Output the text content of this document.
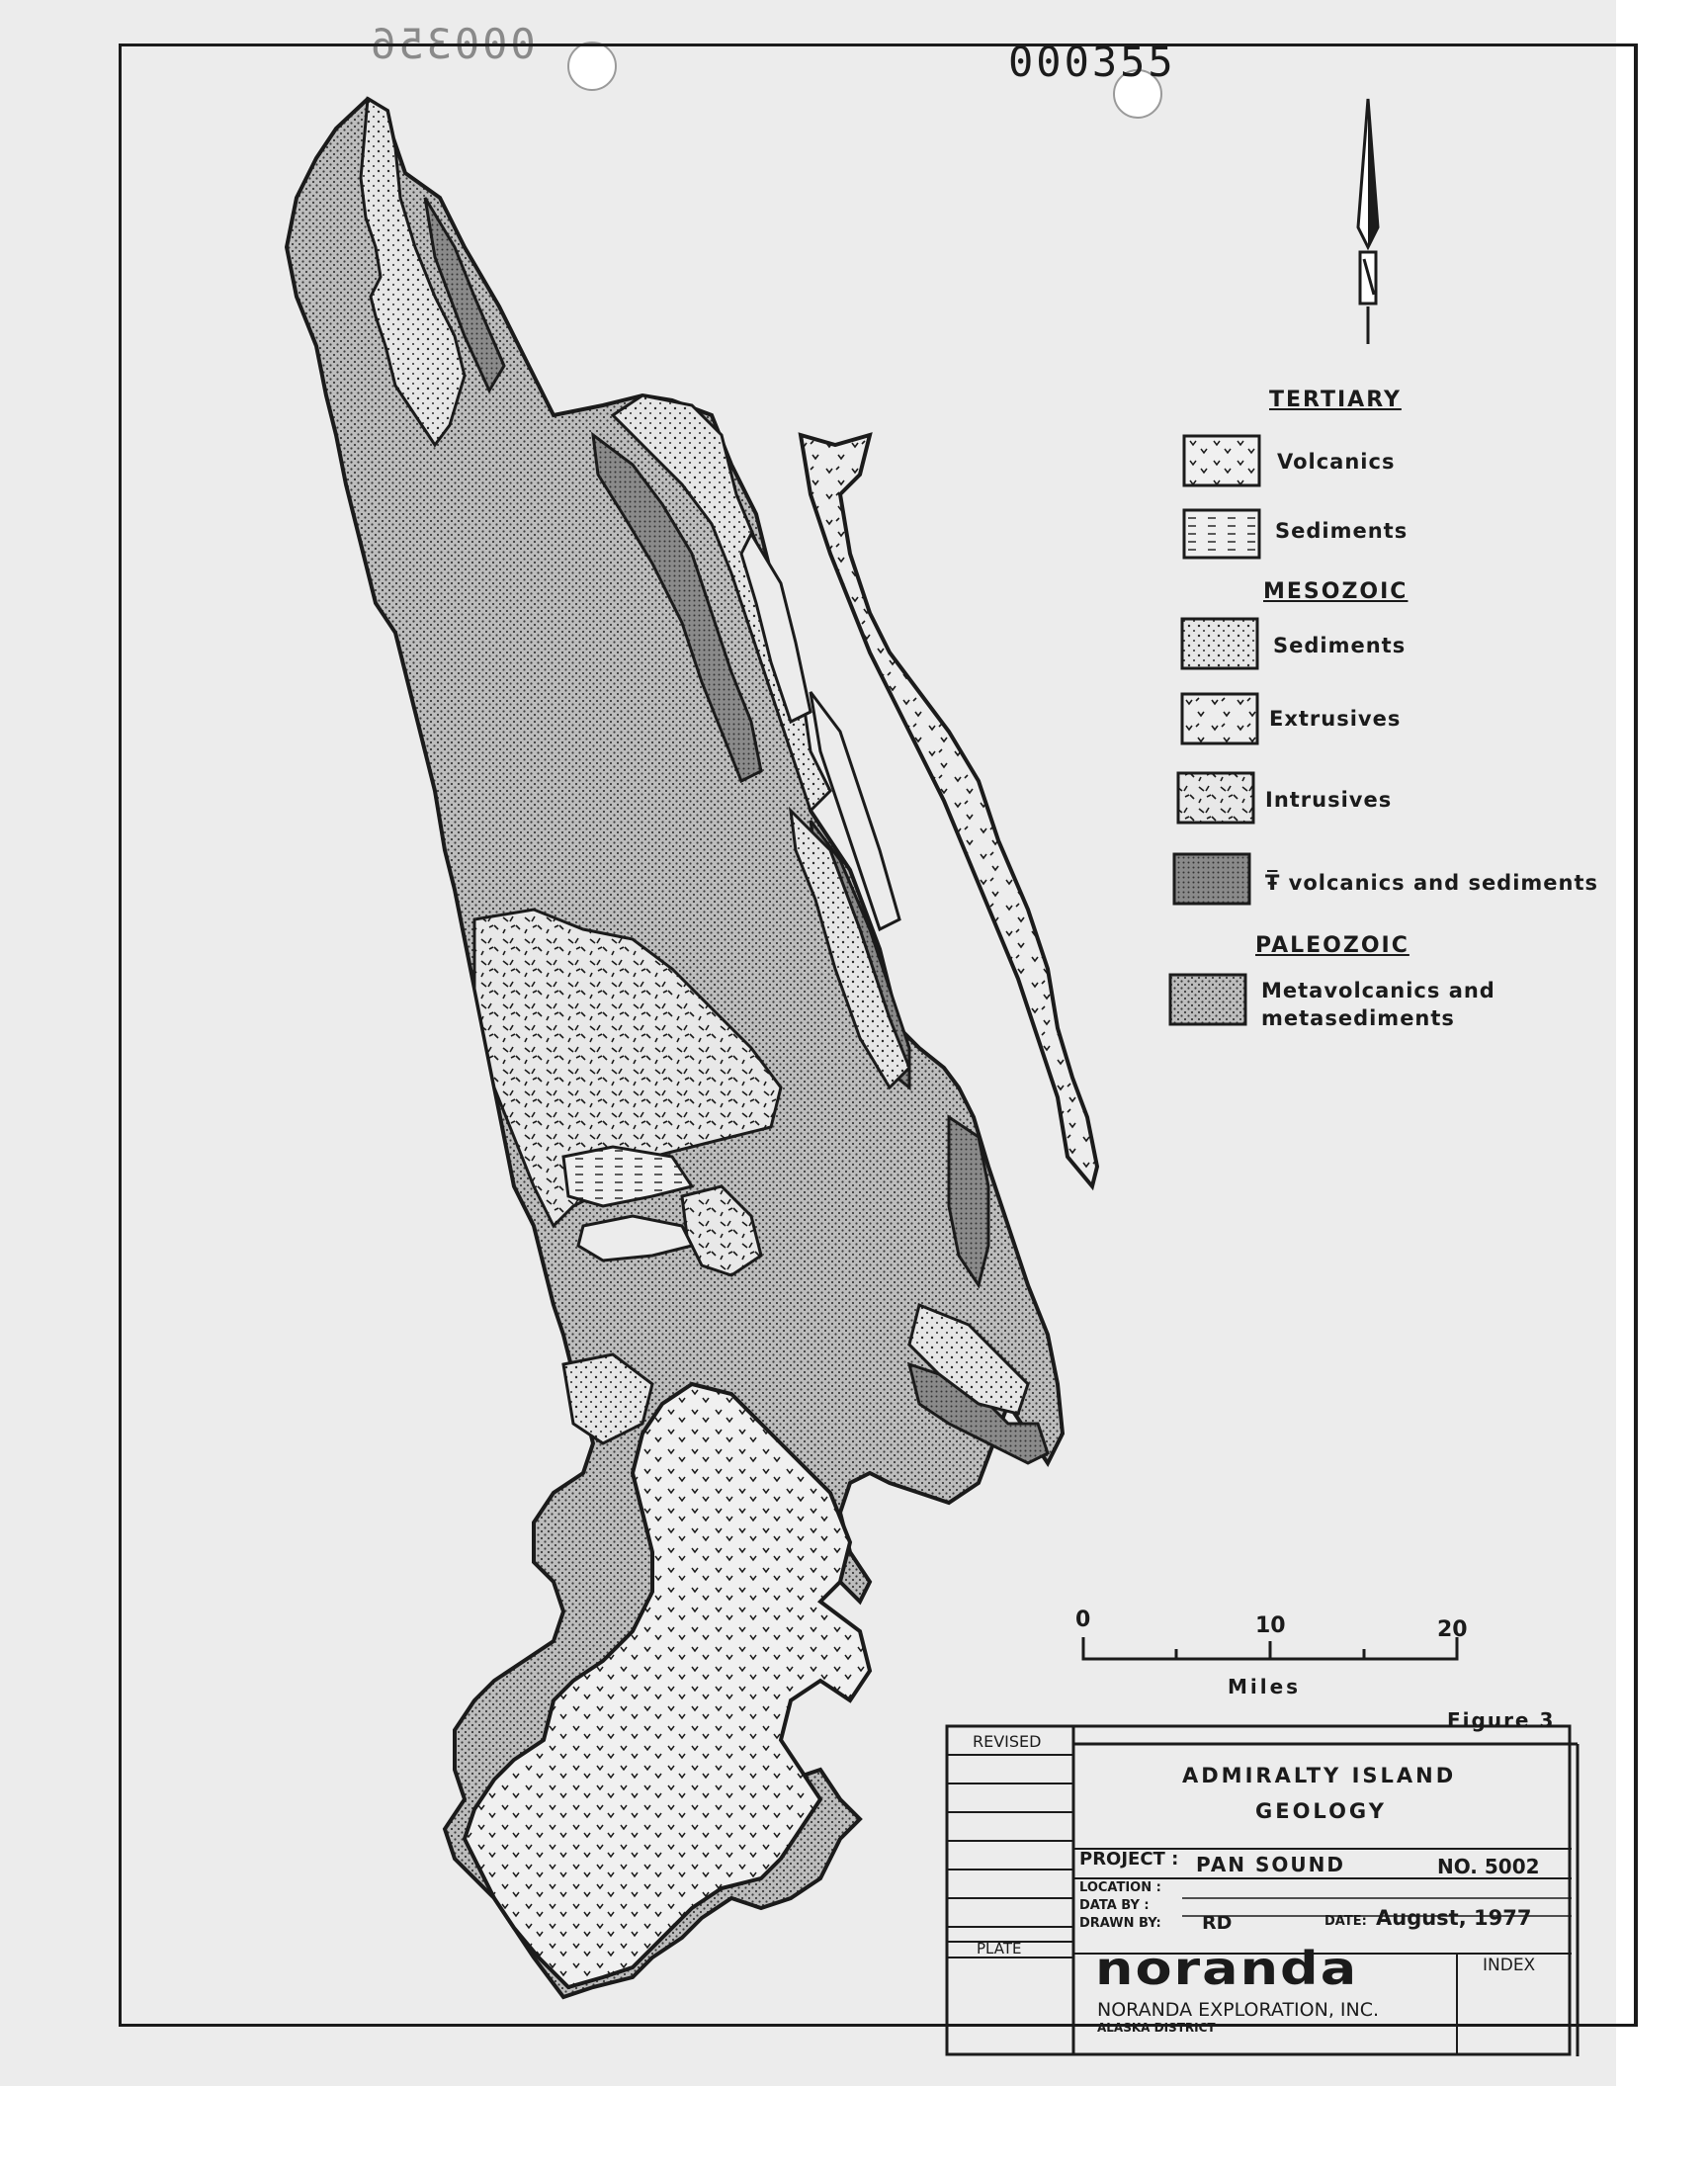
000356	000355
TERTIARY
Volcanics
Sediments
MESOZOIC
Sediments
Extrusives
Intrusives
Ŧ̅ volcanics and sediments
PALEOZOIC
Metavolcanics and
metasediments
0	10	20
Miles
Figure 3
REVISED
ADMIRALTY ISLAND
GEOLOGY
PROJECT : PAN SOUND	NO. 5002
LOCATION :
DATA BY :
DRAWN BY: RD	DATE: August, 1977
PLATE
INDEX
noranda
NORANDA EXPLORATION, INC.
ALASKA DISTRICT
